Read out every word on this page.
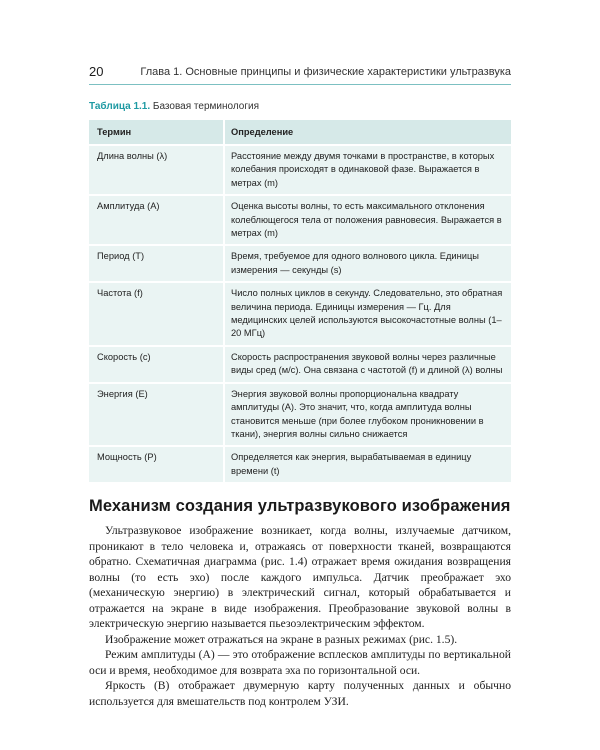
20	Глава 1. Основные принципы и физические характеристики ультразвука
Таблица 1.1. Базовая терминология
Термин	Определение
Длина волны (λ)	Расстояние между двумя точками в пространстве, в которых колебания происходят в одинаковой фазе. Выражается в метрах (m)
Амплитуда (A)	Оценка высоты волны, то есть максимального отклонения колеблющегося тела от положения равновесия. Выражается в метрах (m)
Период (T)	Время, требуемое для одного волнового цикла. Единицы измерения — секунды (s)
Частота (f)	Число полных циклов в секунду. Следовательно, это обратная величина периода. Единицы измерения — Гц. Для медицинских целей используются высокочастотные волны (1–20 МГц)
Скорость (c)	Скорость распространения звуковой волны через различные виды сред (м/с). Она связана с частотой (f) и длиной (λ) волны
Энергия (E)	Энергия звуковой волны пропорциональна квадрату амплитуды (A). Это значит, что, когда амплитуда волны становится меньше (при более глубоком проникновении в ткани), энергия волны сильно снижается
Мощность (P)	Определяется как энергия, вырабатываемая в единицу времени (t)
Механизм создания ультразвукового изображения

Ультразвуковое изображение возникает, когда волны, излучаемые датчиком, проникают в тело человека и, отражаясь от поверхности тканей, возвращаются обратно. Схематичная диаграмма (рис. 1.4) отражает время ожидания возвращения волны (то есть эхо) после каждого импульса. Датчик преображает эхо (механическую энергию) в электрический сигнал, который обрабатывается и отражается на экране в виде изображения. Преобразование звуковой волны в электрическую энергию называется пьезоэлектрическим эффектом.

Изображение может отражаться на экране в разных режимах (рис. 1.5).

Режим амплитуды (A) — это отображение всплесков амплитуды по вертикальной оси и время, необходимое для возврата эха по горизонтальной оси.

Яркость (B) отображает двумерную карту полученных данных и обычно используется для вмешательств под контролем УЗИ.
